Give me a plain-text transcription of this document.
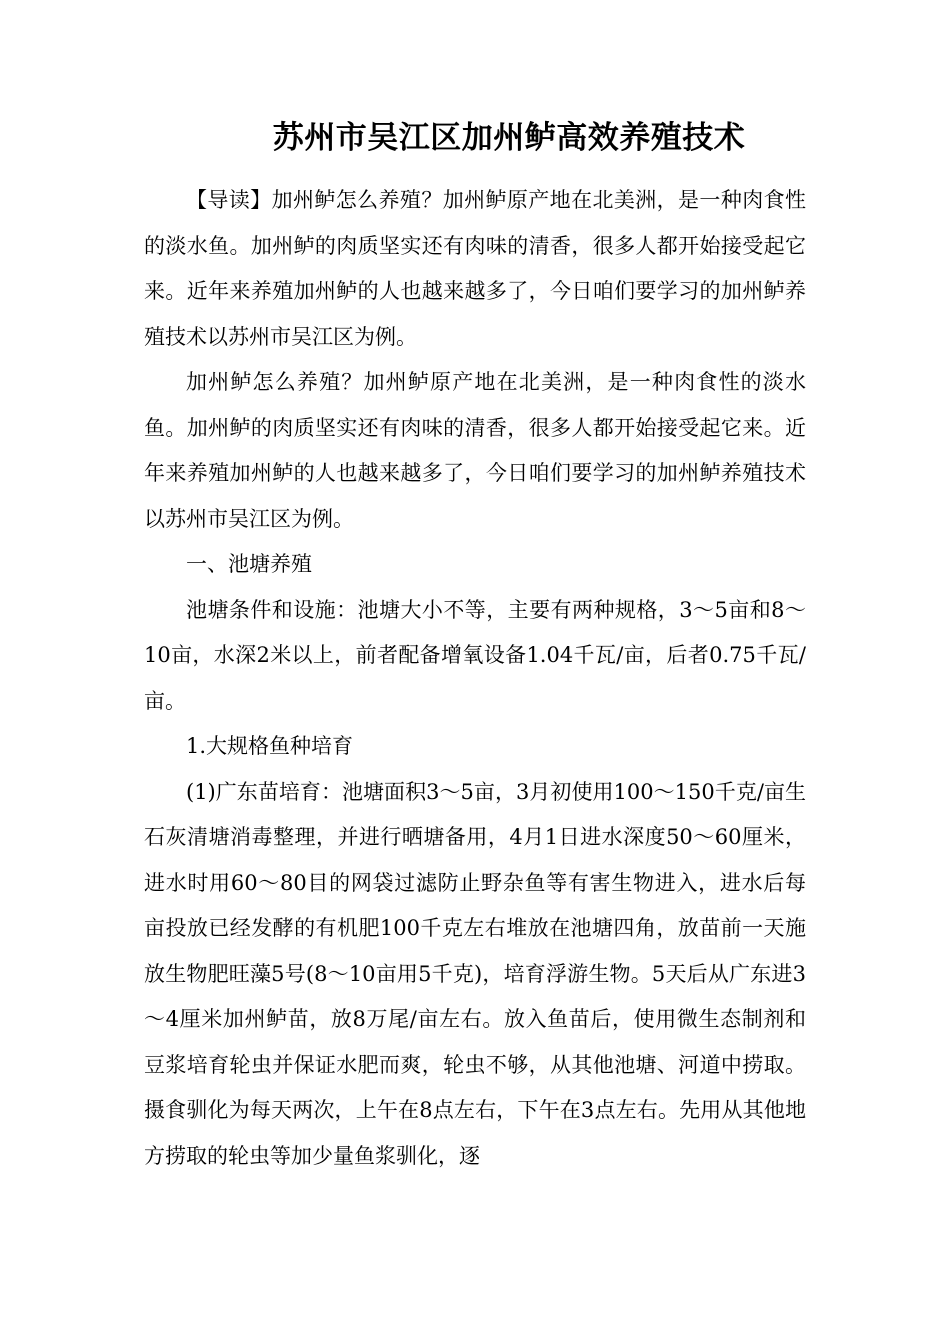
苏州市吴江区加州鲈高效养殖技术

【导读】加州鲈怎么养殖？加州鲈原产地在北美洲，是一种肉食性的淡水鱼。加州鲈的肉质坚实还有肉味的清香，很多人都开始接受起它来。近年来养殖加州鲈的人也越来越多了，今日咱们要学习的加州鲈养殖技术以苏州市吴江区为例。

加州鲈怎么养殖？加州鲈原产地在北美洲，是一种肉食性的淡水鱼。加州鲈的肉质坚实还有肉味的清香，很多人都开始接受起它来。近年来养殖加州鲈的人也越来越多了，今日咱们要学习的加州鲈养殖技术以苏州市吴江区为例。

一、池塘养殖

池塘条件和设施：池塘大小不等，主要有两种规格，3～5亩和8～10亩，水深2米以上，前者配备增氧设备1.04千瓦/亩，后者0.75千瓦/亩。

1.大规格鱼种培育

(1)广东苗培育：池塘面积3～5亩，3月初使用100～150千克/亩生石灰清塘消毒整理，并进行晒塘备用，4月1日进水深度50～60厘米，进水时用60～80目的网袋过滤防止野杂鱼等有害生物进入，进水后每亩投放已经发酵的有机肥100千克左右堆放在池塘四角，放苗前一天施放生物肥旺藻5号(8～10亩用5千克)，培育浮游生物。5天后从广东进3～4厘米加州鲈苗，放8万尾/亩左右。放入鱼苗后，使用微生态制剂和豆浆培育轮虫并保证水肥而爽，轮虫不够，从其他池塘、河道中捞取。摄食驯化为每天两次，上午在8点左右，下午在3点左右。先用从其他地方捞取的轮虫等加少量鱼浆驯化，逐
